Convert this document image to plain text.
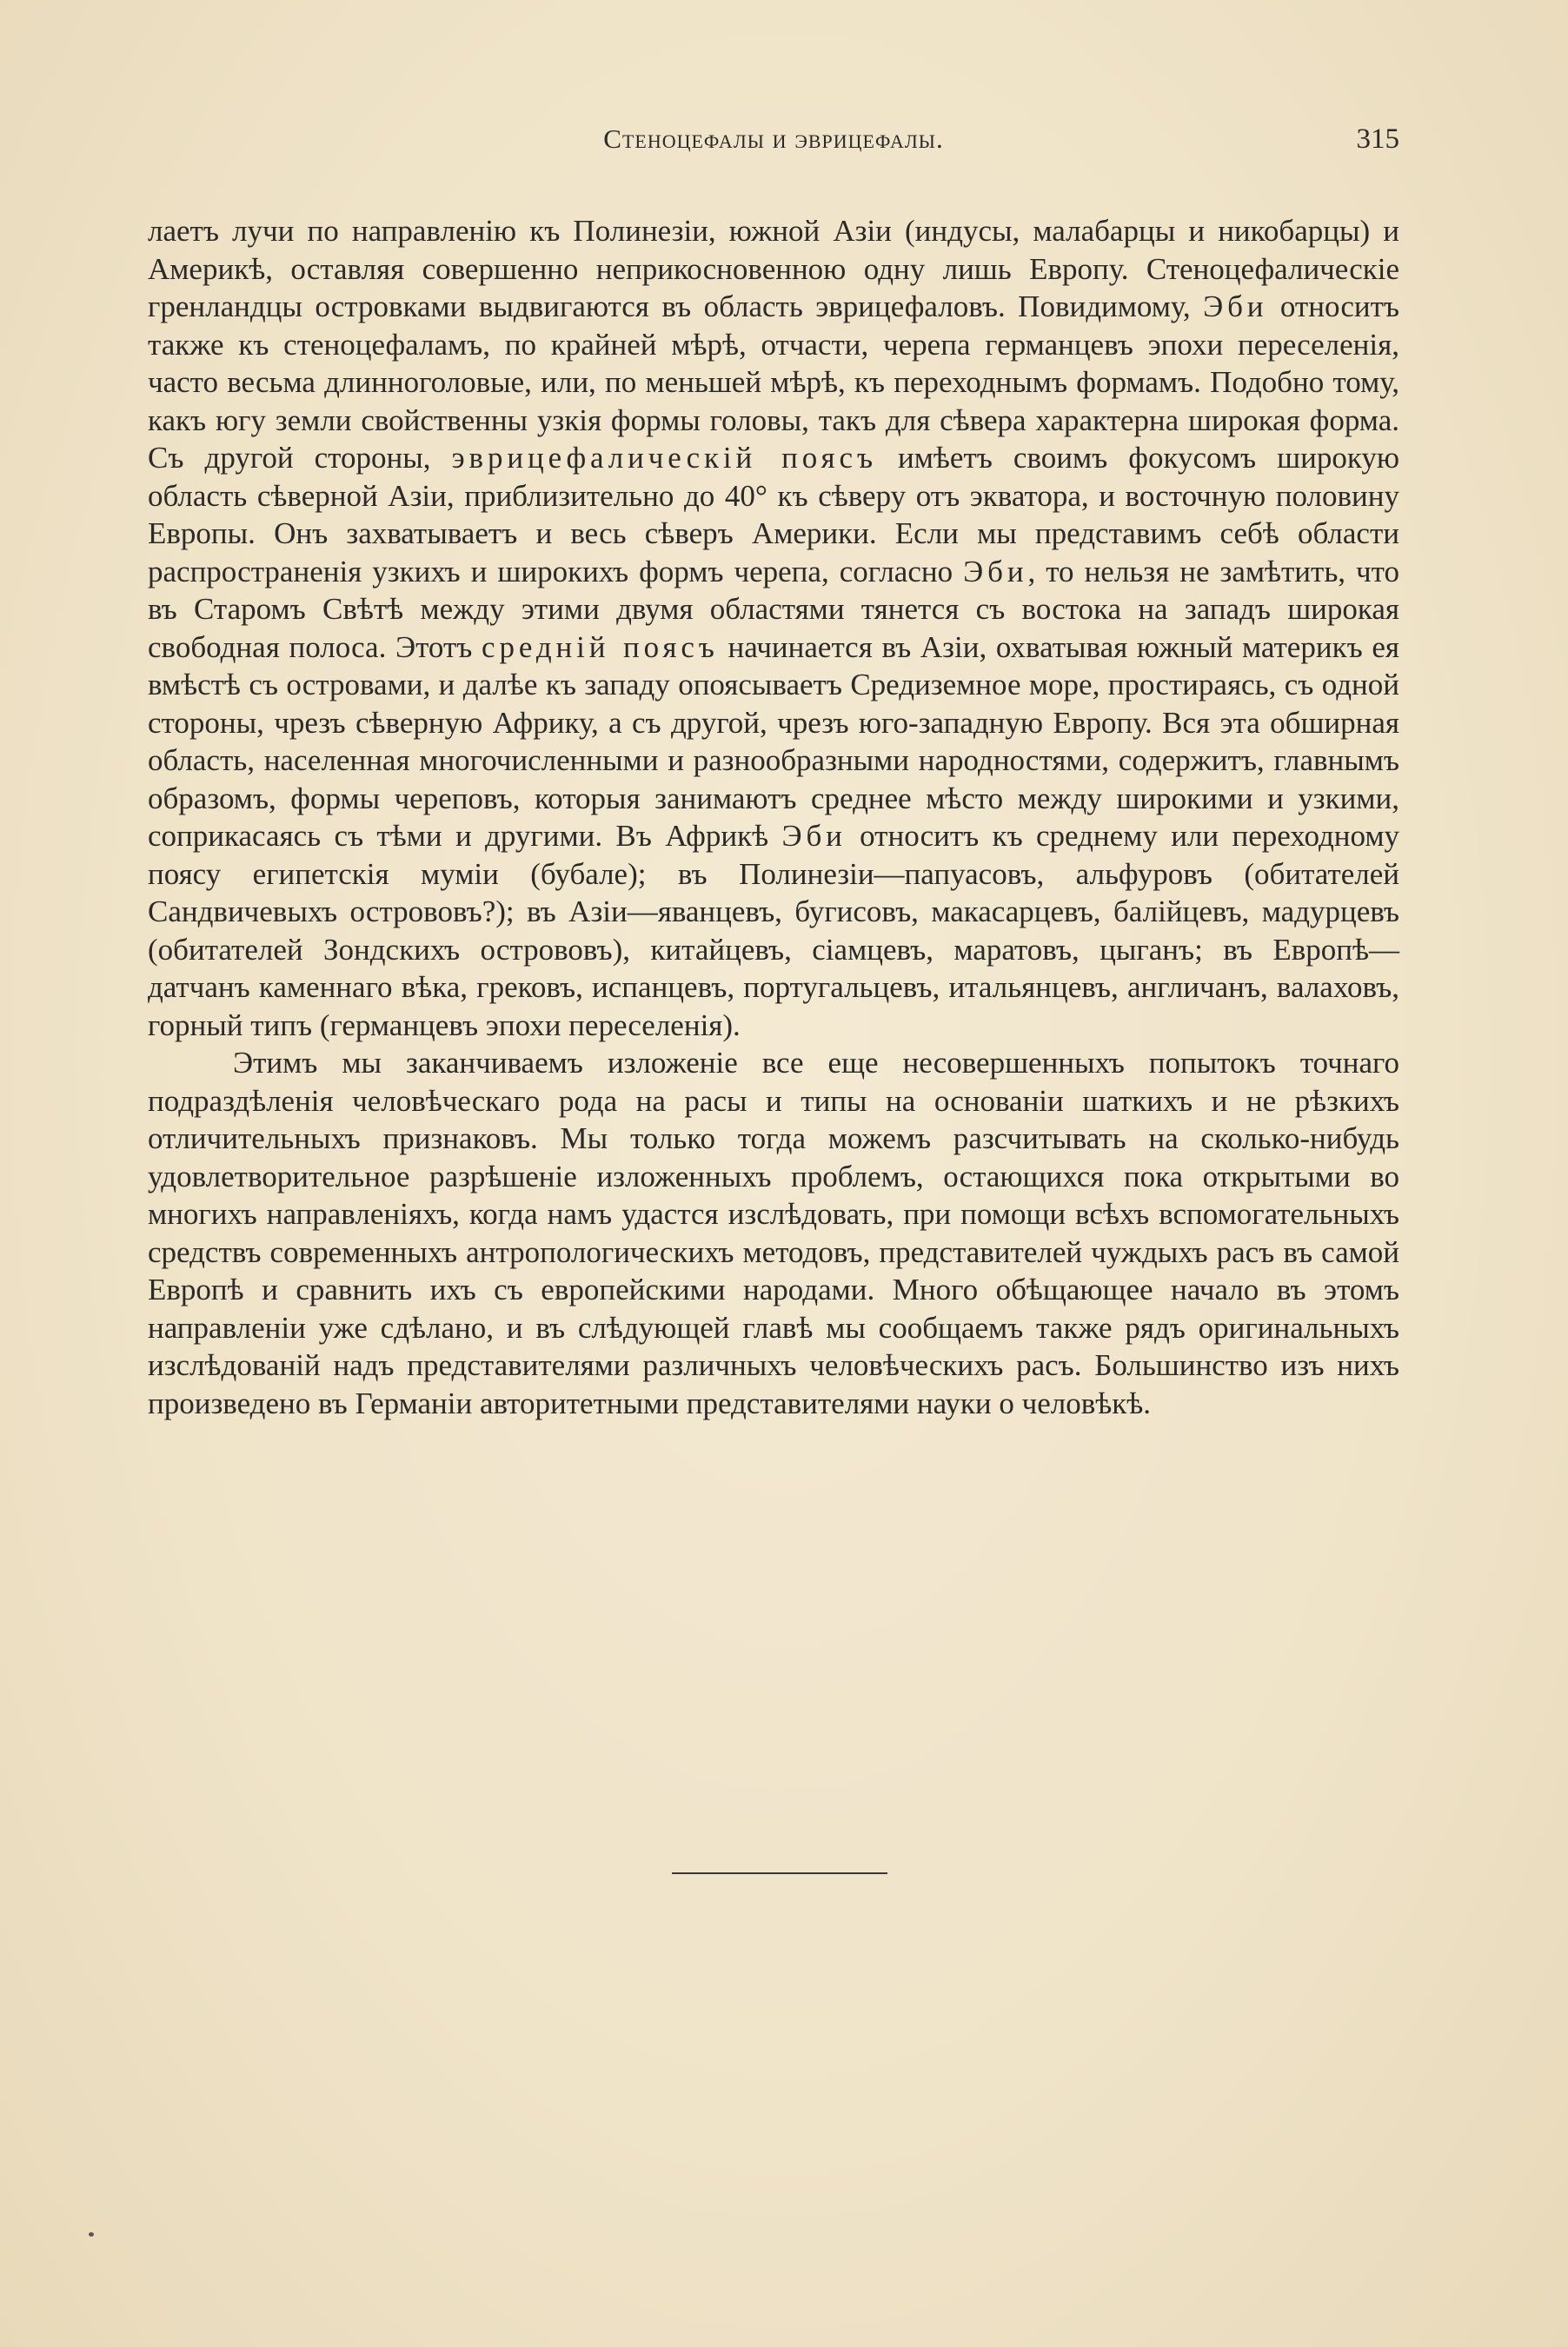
Стеноцефалы и эврицефалы.	315

лаетъ лучи по направленію къ Полинезіи, южной Азіи (индусы, малабарцы и никобарцы) и Америкѣ, оставляя совершенно неприкосновенною одну лишь Европу. Стеноцефалическіе гренландцы островками выдвигаются въ область эврицефаловъ. Повидимому, Эби относитъ также къ стеноцефаламъ, по крайней мѣрѣ, отчасти, черепа германцевъ эпохи переселенія, часто весьма длинноголовые, или, по меньшей мѣрѣ, къ переходнымъ формамъ. Подобно тому, какъ югу земли свойственны узкія формы головы, такъ для сѣвера характерна широкая форма. Съ другой стороны, эврицефалическій поясъ имѣетъ своимъ фокусомъ широкую область сѣверной Азіи, приблизительно до 40° къ сѣверу отъ экватора, и восточную половину Европы. Онъ захватываетъ и весь сѣверъ Америки. Если мы представимъ себѣ области распространенія узкихъ и широкихъ формъ черепа, согласно Эби, то нельзя не замѣтить, что въ Старомъ Свѣтѣ между этими двумя областями тянется съ востока на западъ широкая свободная полоса. Этотъ средній поясъ начинается въ Азіи, охватывая южный материкъ ея вмѣстѣ съ островами, и далѣе къ западу опоясываетъ Средиземное море, простираясь, съ одной стороны, чрезъ сѣверную Африку, а съ другой, чрезъ юго-западную Европу. Вся эта обширная область, населенная многочисленными и разнообразными народностями, содержитъ, главнымъ образомъ, формы череповъ, которыя занимаютъ среднее мѣсто между широкими и узкими, соприкасаясь съ тѣми и другими. Въ Африкѣ Эби относитъ къ среднему или переходному поясу египетскія муміи (бубале); въ Полинезіи—папуасовъ, альфуровъ (обитателей Сандвичевыхъ острововъ?); въ Азіи—яванцевъ, бугисовъ, макасарцевъ, балійцевъ, мадурцевъ (обитателей Зондскихъ острововъ), китайцевъ, сіамцевъ, маратовъ, цыганъ; въ Европѣ—датчанъ каменнаго вѣка, грековъ, испанцевъ, португальцевъ, итальянцевъ, англичанъ, валаховъ, горный типъ (германцевъ эпохи переселенія).

Этимъ мы заканчиваемъ изложеніе все еще несовершенныхъ попытокъ точнаго подраздѣленія человѣческаго рода на расы и типы на основаніи шаткихъ и не рѣзкихъ отличительныхъ признаковъ. Мы только тогда можемъ разсчитывать на сколько-нибудь удовлетворительное разрѣшеніе изложенныхъ проблемъ, остающихся пока открытыми во многихъ направленіяхъ, когда намъ удастся изслѣдовать, при помощи всѣхъ вспомогательныхъ средствъ современныхъ антропологическихъ методовъ, представителей чуждыхъ расъ въ самой Европѣ и сравнить ихъ съ европейскими народами. Много обѣщающее начало въ этомъ направленіи уже сдѣлано, и въ слѣдующей главѣ мы сообщаемъ также рядъ оригинальныхъ изслѣдованій надъ представителями различныхъ человѣческихъ расъ. Большинство изъ нихъ произведено въ Германіи авторитетными представителями науки о человѣкѣ.
